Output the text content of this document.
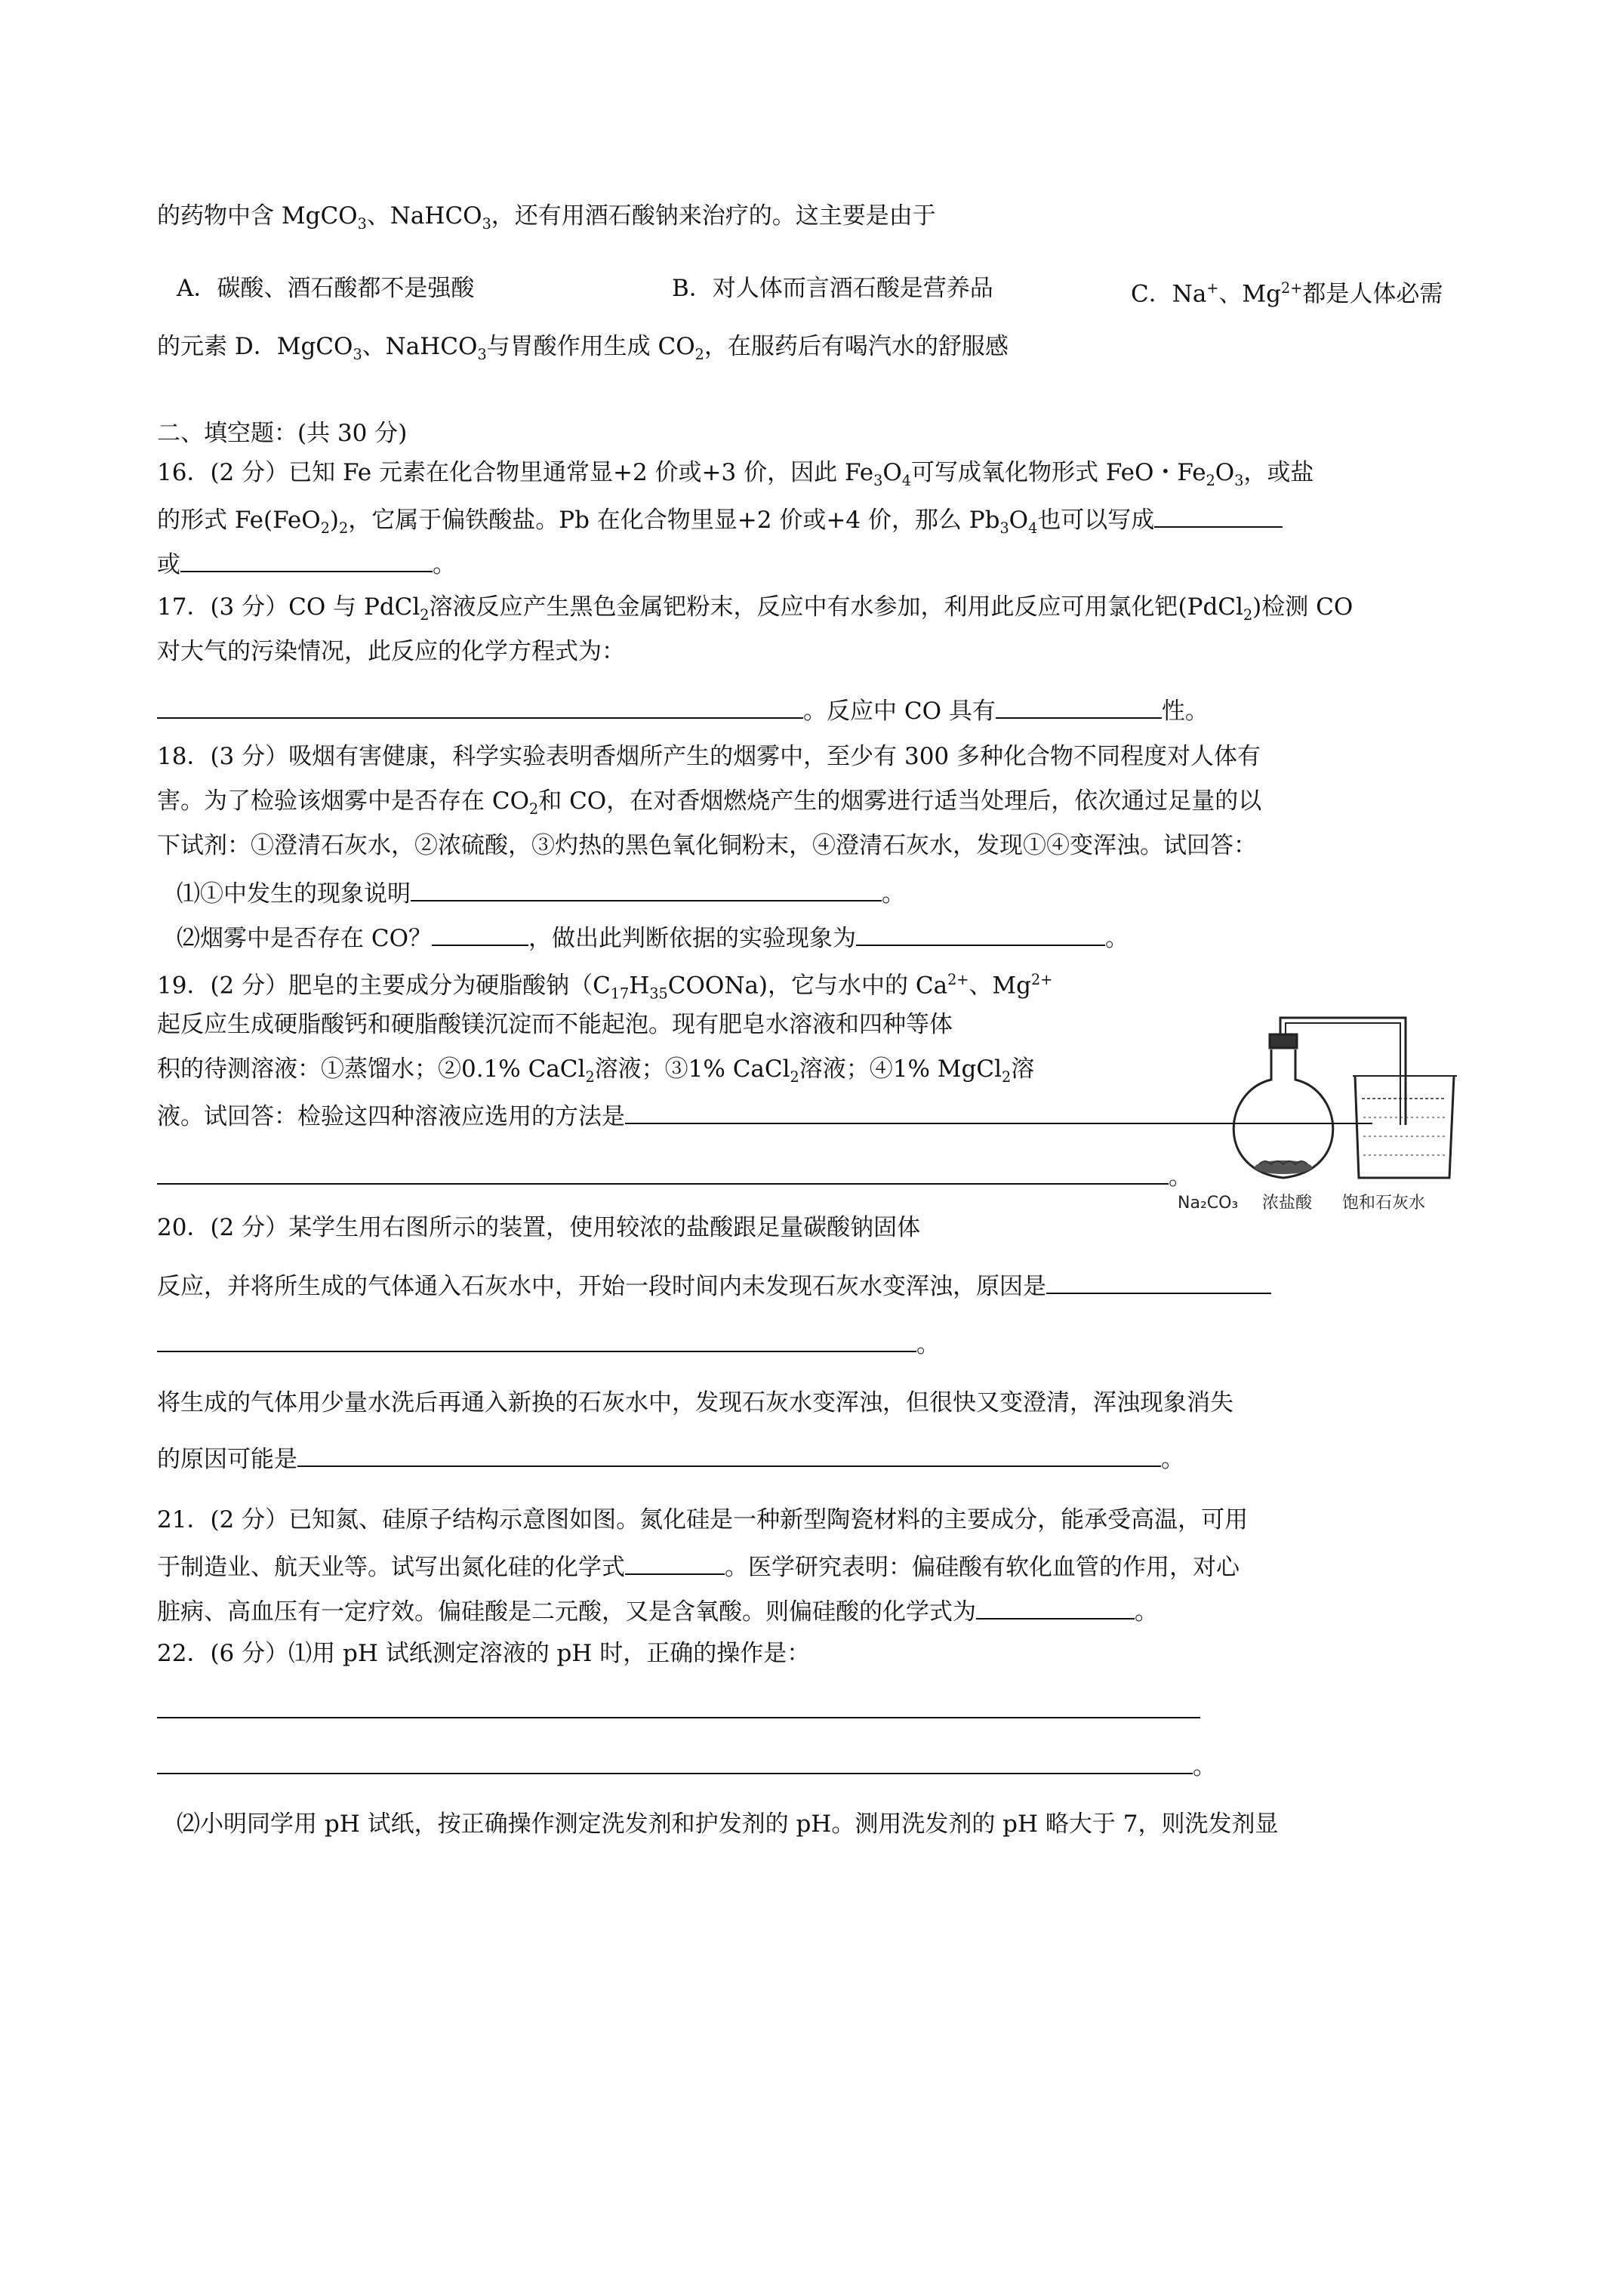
的药物中含 MgCO$_3$、NaHCO$_3$，还有用酒石酸钠来治疗的。这主要是由于
A．碳酸、酒石酸都不是强酸	B．对人体而言酒石酸是营养品	C．Na+、$Mg^{2+}$都是人体必需
的元素 D．MgCO$_3$、NaHCO$_3$与胃酸作用生成 $CO_2$，在服药后有喝汽水的舒服感
二、填空题：(共 30 分)
16．(2 分）已知 Fe 元素在化合物里通常显+2 价或+3 价，因此 $Fe_3O_4$可写成氧化物形式 FeO・$Fe_2O_3$，或盐
的形式 $Fe(FeO_2)_2$，它属于偏铁酸盐。Pb 在化合物里显+2 价或+4 价，那么 $Pb_3O_4$也可以写成
或	。
17．(3 分）CO 与 PdCl$_2$溶液反应产生黑色金属钯粉末，反应中有水参加，利用此反应可用氯化钯(PdCl$_2$)检测 CO
对大气的污染情况，此反应的化学方程式为：
。反应中 CO 具有	性。
18．(3 分）吸烟有害健康，科学实验表明香烟所产生的烟雾中，至少有 300 多种化合物不同程度对人体有
害。为了检验该烟雾中是否存在 $CO_2$和 CO，在对香烟燃烧产生的烟雾进行适当处理后，依次通过足量的以
下试剂：①澄清石灰水，②浓硫酸，③灼热的黑色氧化铜粉末，④澄清石灰水，发现①④变浑浊。试回答：
⑴①中发生的现象说明	。
⑵烟雾中是否存在 CO？	，做出此判断依据的实验现象为	。
19．(2 分）肥皂的主要成分为硬脂酸钠$(C_{17}H_{35}COONa)$，它与水中的 $Ca^{2+}$、$Mg^{2+}$
起反应生成硬脂酸钙和硬脂酸镁沉淀而不能起泡。现有肥皂水溶液和四种等体
积的待测溶液：①蒸馏水；②0.1% CaCl$_2$溶液；③1% CaCl$_2$溶液；④1% MgCl$_2$溶
液。试回答：检验这四种溶液应选用的方法是
。
Na₂CO₃ 浓盐酸 饱和石灰水
20．(2 分）某学生用右图所示的装置，使用较浓的盐酸跟足量碳酸钠固体
反应，并将所生成的气体通入石灰水中，开始一段时间内未发现石灰水变浑浊，原因是
。
将生成的气体用少量水洗后再通入新换的石灰水中，发现石灰水变浑浊，但很快又变澄清，浑浊现象消失
的原因可能是	。
21．(2 分）已知氮、硅原子结构示意图如图。氮化硅是一种新型陶瓷材料的主要成分，能承受高温，可用
于制造业、航天业等。试写出氮化硅的化学式	。医学研究表明：偏硅酸有软化血管的作用，对心
脏病、高血压有一定疗效。偏硅酸是二元酸，又是含氧酸。则偏硅酸的化学式为	。
22．(6 分）⑴用 pH 试纸测定溶液的 pH 时，正确的操作是：
。
⑵小明同学用 pH 试纸，按正确操作测定洗发剂和护发剂的 pH。测用洗发剂的 pH 略大于 7，则洗发剂显
